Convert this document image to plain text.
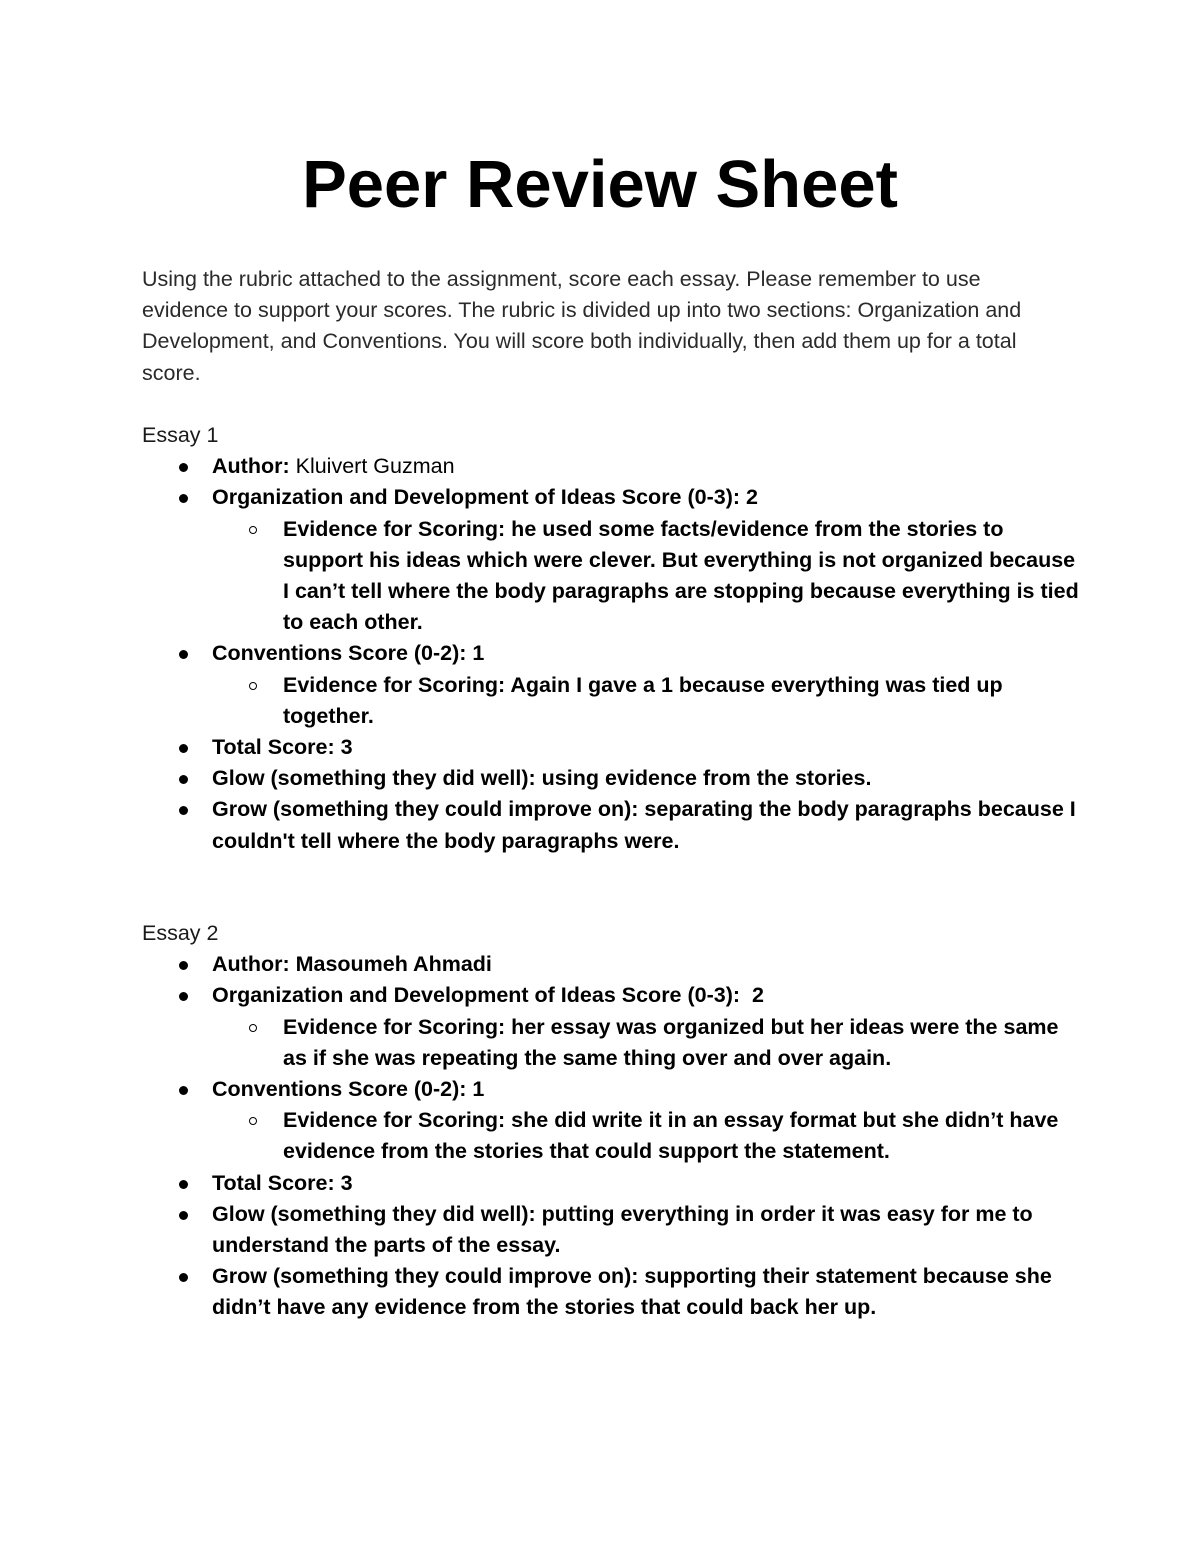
Peer Review Sheet

Using the rubric attached to the assignment, score each essay. Please remember to use evidence to support your scores. The rubric is divided up into two sections: Organization and Development, and Conventions. You will score both individually, then add them up for a total score.

Essay 1

Author: Kluivert Guzman
Organization and Development of Ideas Score (0-3): 2
Evidence for Scoring: he used some facts/evidence from the stories to support his ideas which were clever. But everything is not organized because I can’t tell where the body paragraphs are stopping because everything is tied to each other.
Conventions Score (0-2): 1
Evidence for Scoring: Again I gave a 1 because everything was tied up together.
Total Score: 3
Glow (something they did well): using evidence from the stories.
Grow (something they could improve on): separating the body paragraphs because I couldn't tell where the body paragraphs were.

Essay 2

Author: Masoumeh Ahmadi
Organization and Development of Ideas Score (0-3):  2
Evidence for Scoring: her essay was organized but her ideas were the same as if she was repeating the same thing over and over again.
Conventions Score (0-2): 1
Evidence for Scoring: she did write it in an essay format but she didn’t have evidence from the stories that could support the statement.
Total Score: 3
Glow (something they did well): putting everything in order it was easy for me to understand the parts of the essay.
Grow (something they could improve on): supporting their statement because she didn’t have any evidence from the stories that could back her up.
